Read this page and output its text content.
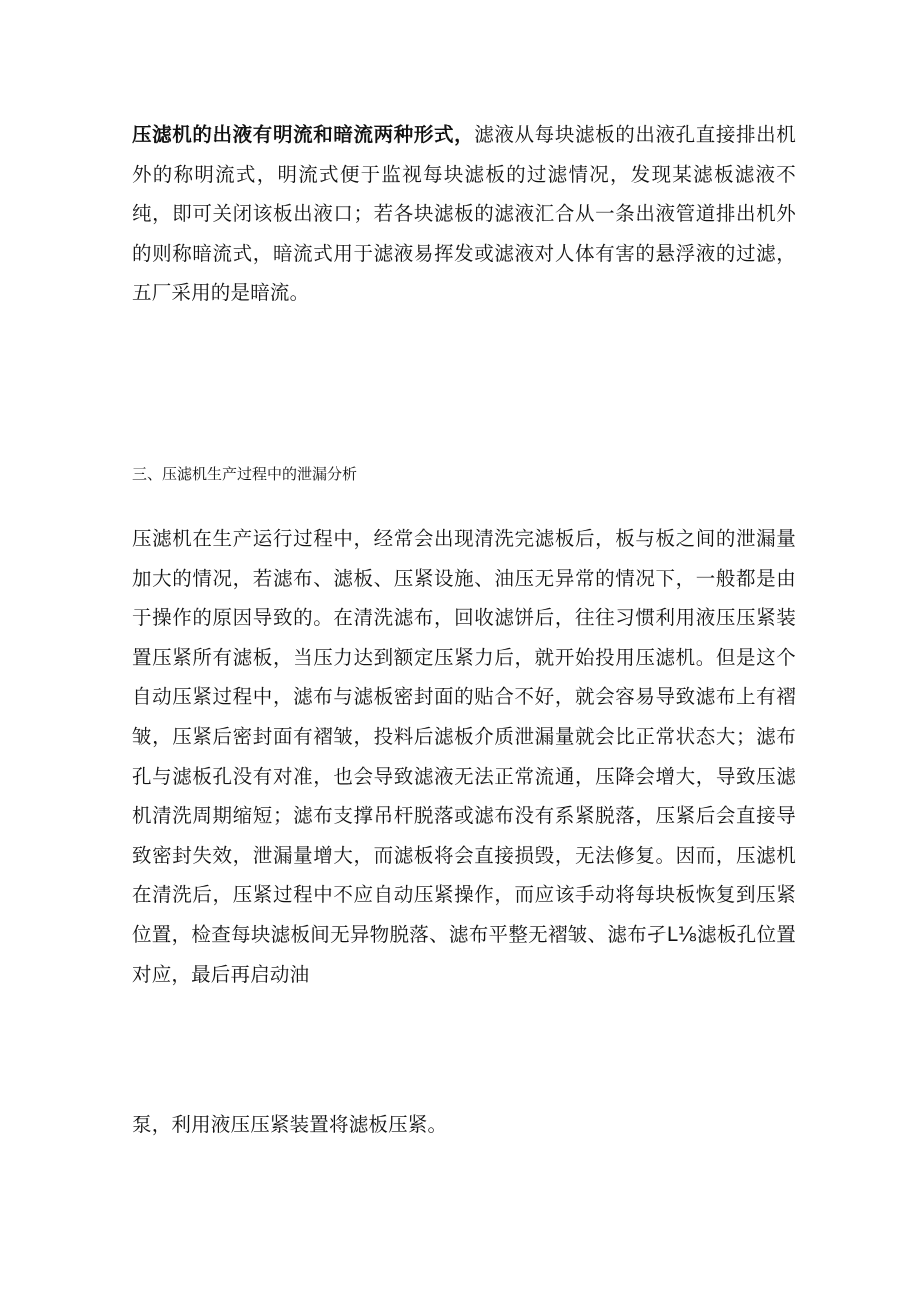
压滤机的出液有明流和暗流两种形式，滤液从每块滤板的出液孔直接排出机外的称明流式，明流式便于监视每块滤板的过滤情况，发现某滤板滤液不纯，即可关闭该板出液口；若各块滤板的滤液汇合从一条出液管道排出机外的则称暗流式，暗流式用于滤液易挥发或滤液对人体有害的悬浮液的过滤，五厂采用的是暗流。

三、压滤机生产过程中的泄漏分析

压滤机在生产运行过程中，经常会出现清洗完滤板后，板与板之间的泄漏量加大的情况，若滤布、滤板、压紧设施、油压无异常的情况下，一般都是由于操作的原因导致的。在清洗滤布，回收滤饼后，往往习惯利用液压压紧装置压紧所有滤板，当压力达到额定压紧力后，就开始投用压滤机。但是这个自动压紧过程中，滤布与滤板密封面的贴合不好，就会容易导致滤布上有褶皱，压紧后密封面有褶皱，投料后滤板介质泄漏量就会比正常状态大；滤布孔与滤板孔没有对准，也会导致滤液无法正常流通，压降会增大，导致压滤机清洗周期缩短；滤布支撑吊杆脱落或滤布没有系紧脱落，压紧后会直接导致密封失效，泄漏量增大，而滤板将会直接损毁，无法修复。因而，压滤机在清洗后，压紧过程中不应自动压紧操作，而应该手动将每块板恢复到压紧位置，检查每块滤板间无异物脱落、滤布平整无褶皱、滤布孑L⅛滤板孔位置对应，最后再启动油

泵，利用液压压紧装置将滤板压紧。
